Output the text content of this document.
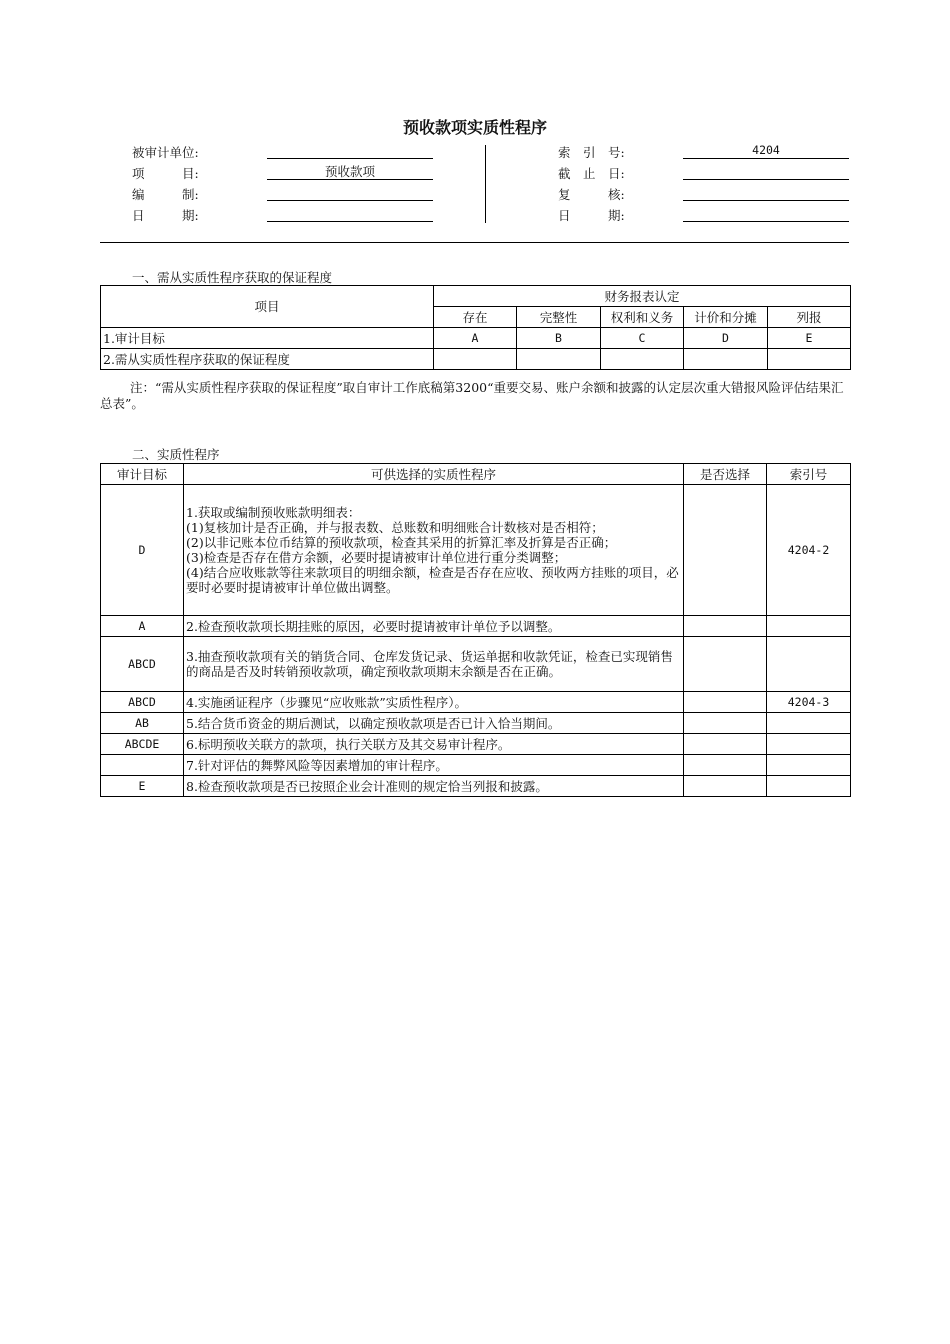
预收款项实质性程序
被审计单位:
项　　　目:	预收款项
编　　　制:
日　　　期:
索　引　号:	4204
截　止　日:
复　　　核:
日　　　期:
一、需从实质性程序获取的保证程度
项目	财务报表认定				
	存在	完整性	权利和义务	计价和分摊	列报
1.审计目标	A	B	C	D	E
2.需从实质性程序获取的保证程度					
注：“需从实质性程序获取的保证程度”取自审计工作底稿第3200“重要交易、账户余额和披露的认定层次重大错报风险评估结果汇总表”。
二、实质性程序
审计目标	可供选择的实质性程序	是否选择	索引号
D	1.获取或编制预收账款明细表：
(1)复核加计是否正确，并与报表数、总账数和明细账合计数核对是否相符；
(2)以非记账本位币结算的预收款项，检查其采用的折算汇率及折算是否正确；
(3)检查是否存在借方余额，必要时提请被审计单位进行重分类调整；
(4)结合应收账款等往来款项目的明细余额，检查是否存在应收、预收两方挂账的项目，必要时必要时提请被审计单位做出调整。		4204-2
A	2.检查预收款项长期挂账的原因，必要时提请被审计单位予以调整。		
ABCD	3.抽查预收款项有关的销货合同、仓库发货记录、货运单据和收款凭证，检查已实现销售的商品是否及时转销预收款项，确定预收款项期末余额是否在正确。		
ABCD	4.实施函证程序（步骤见“应收账款”实质性程序）。		4204-3
AB	5.结合货币资金的期后测试，以确定预收款项是否已计入恰当期间。		
ABCDE	6.标明预收关联方的款项，执行关联方及其交易审计程序。		
	7.针对评估的舞弊风险等因素增加的审计程序。		
E	8.检查预收款项是否已按照企业会计准则的规定恰当列报和披露。		
